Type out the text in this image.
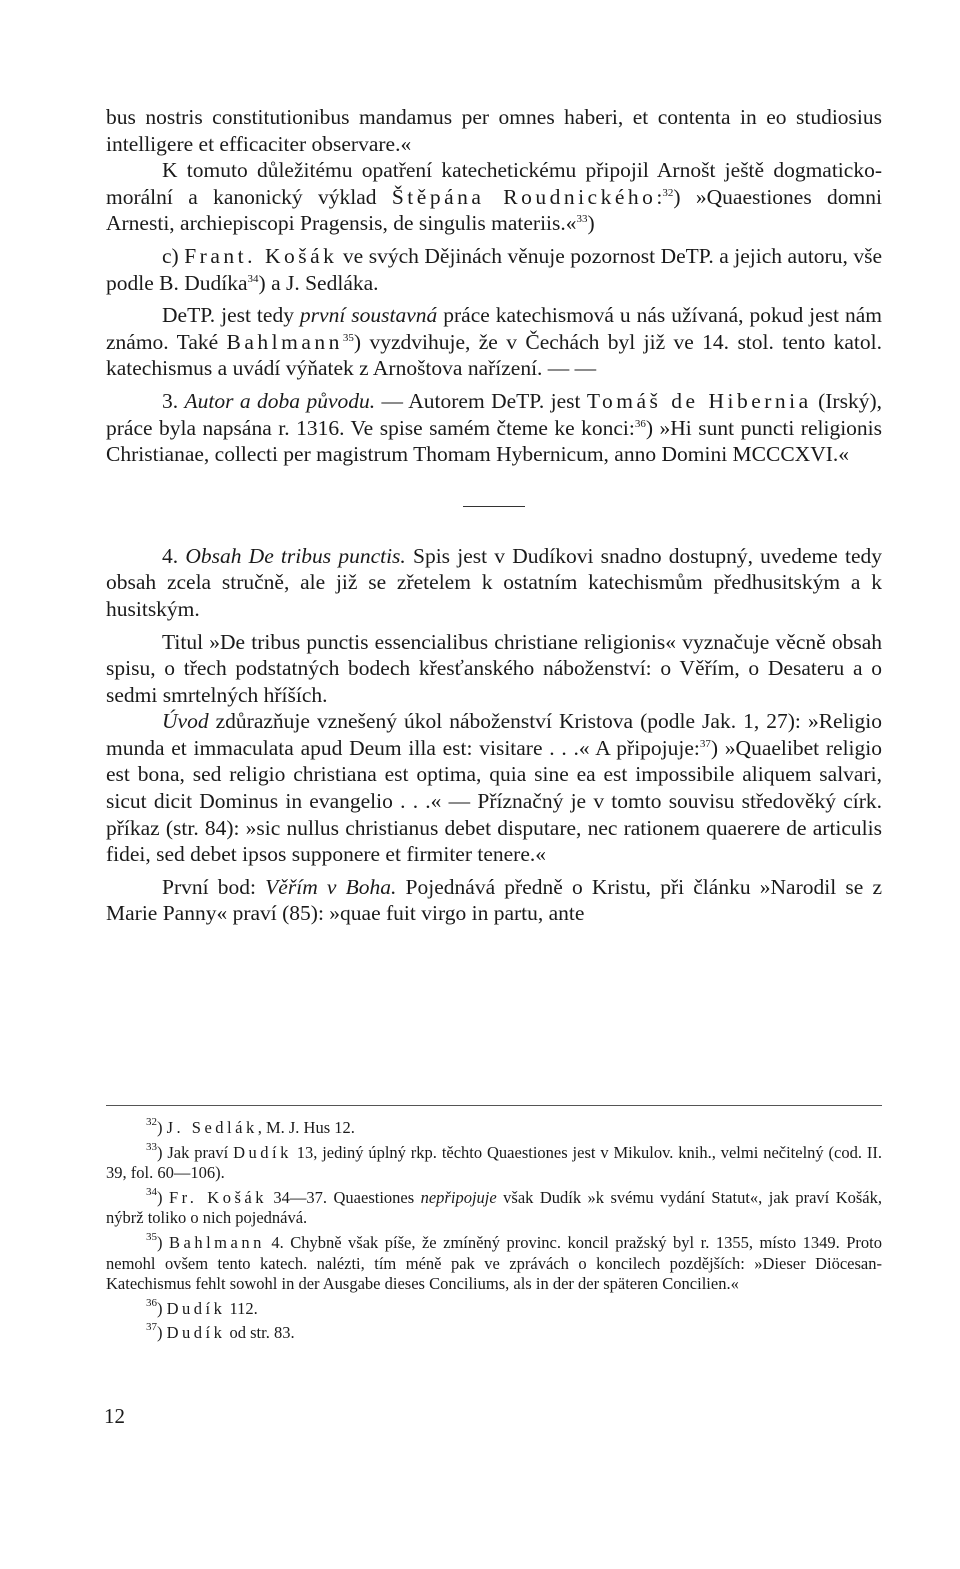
bus nostris constitutionibus mandamus per omnes haberi, et contenta in eo studiosius intelligere et efficaciter observare.«

K tomuto důležitému opatření katechetickému připojil Arnošt ještě dogmaticko-morální a kanonický výklad Štěpána Roudnického:$^{32}$) »Quaestiones domni Arnesti, archiepiscopi Pragensis, de singulis materiis.«$^{33}$)

c) Frant. Košák ve svých Dějinách věnuje pozornost DeTP. a jejich autoru, vše podle B. Dudíka$^{34}$) a J. Sedláka.

DeTP. jest tedy první soustavná práce katechismová u nás užívaná, pokud jest nám známo. Také Bahlmann$^{35}$) vyzdvihuje, že v Čechách byl již ve 14. stol. tento katol. katechismus a uvádí výňatek z Arnoštova nařízení. — —

3. Autor a doba původu. — Autorem DeTP. jest Tomáš de Hibernia (Irský), práce byla napsána r. 1316. Ve spise samém čteme ke konci:$^{36}$) »Hi sunt puncti religionis Christianae, collecti per magistrum Thomam Hybernicum, anno Domini MCCCXVI.«

4. Obsah De tribus punctis. Spis jest v Dudíkovi snadno dostupný, uvedeme tedy obsah zcela stručně, ale již se zřetelem k ostatním katechismům předhusitským a k husitským.

Titul »De tribus punctis essencialibus christiane religionis« vyznačuje věcně obsah spisu, o třech podstatných bodech křesťanského náboženství: o Věřím, o Desateru a o sedmi smrtelných hříších.

Úvod zdůrazňuje vznešený úkol náboženství Kristova (podle Jak. 1, 27): »Religio munda et immaculata apud Deum illa est: visitare . . .« A připojuje:$^{37}$) »Quaelibet religio est bona, sed religio christiana est optima, quia sine ea est impossibile aliquem salvari, sicut dicit Dominus in evangelio . . .« — Příznačný je v tomto souvisu středověký círk. příkaz (str. 84): »sic nullus christianus debet disputare, nec rationem quaerere de articulis fidei, sed debet ipsos supponere et firmiter tenere.«

První bod: Věřím v Boha. Pojednává předně o Kristu, při článku »Narodil se z Marie Panny« praví (85): »quae fuit virgo in partu, ante

$^{32}$) J. Sedlák, M. J. Hus 12.

$^{33}$) Jak praví Dudík 13, jediný úplný rkp. těchto Quaestiones jest v Mikulov. knih., velmi nečitelný (cod. II. 39, fol. 60—106).

$^{34}$) Fr. Košák 34—37. Quaestiones nepřipojuje však Dudík »k svému vydání Statut«, jak praví Košák, nýbrž toliko o nich pojednává.

$^{35}$) Bahlmann 4. Chybně však píše, že zmíněný provinc. koncil pražský byl r. 1355, místo 1349. Proto nemohl ovšem tento katech. nalézti, tím méně pak ve zprávách o koncilech pozdějších: »Dieser Diöcesan-Katechismus fehlt sowohl in der Ausgabe dieses Conciliums, als in der der späteren Concilien.«

$^{36}$) Dudík 112.

$^{37}$) Dudík od str. 83.

12
